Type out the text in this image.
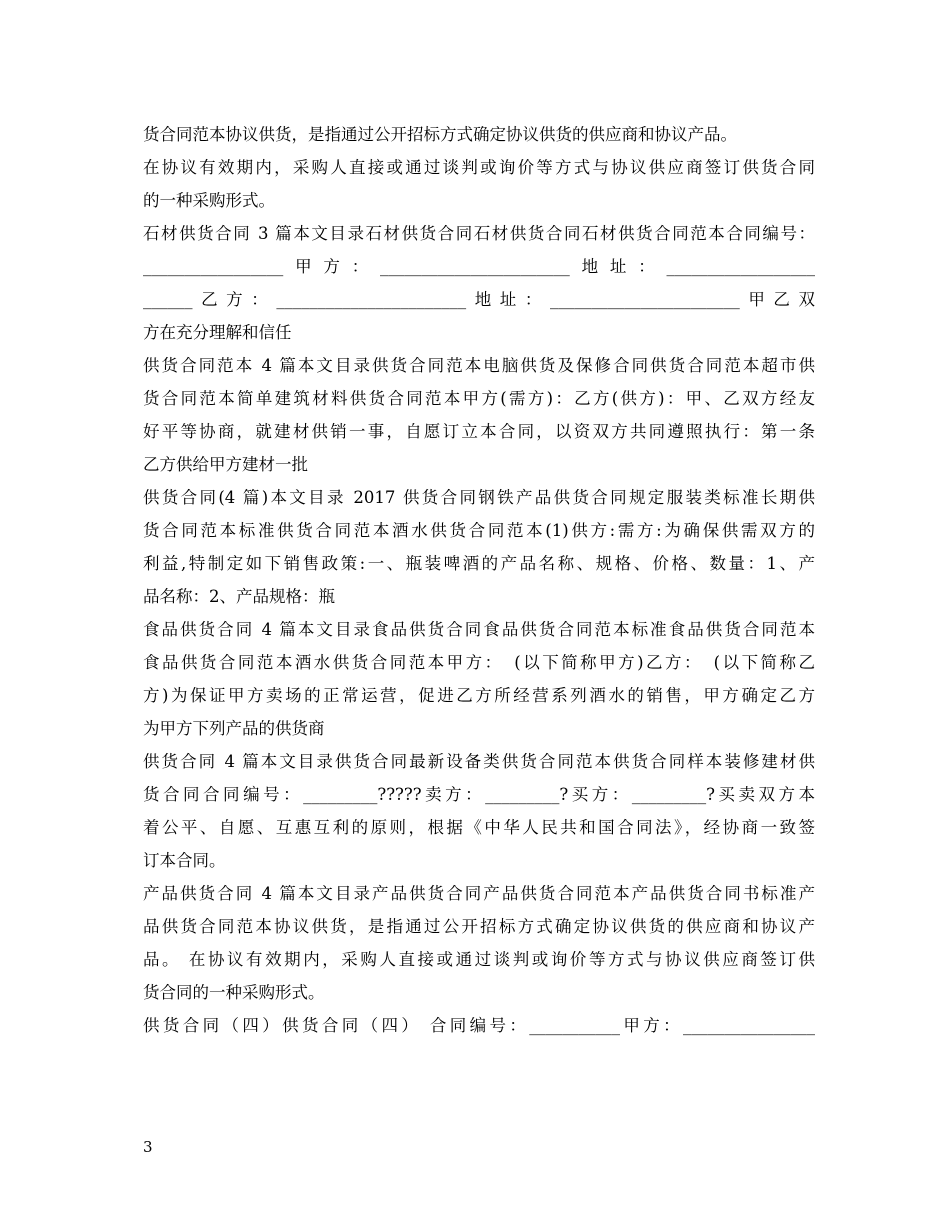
货合同范本协议供货，是指通过公开招标方式确定协议供货的供应商和协议产品。
在协议有效期内，采购人直接或通过谈判或询价等方式与协议供应商签订供货合同
的一种采购形式。
石材供货合同 3 篇本文目录石材供货合同石材供货合同石材供货合同范本合同编号：
_________________甲方：_______________________地址：__________________
______乙方：_______________________地址：_______________________甲乙双
方在充分理解和信任
供货合同范本 4 篇本文目录供货合同范本电脑供货及保修合同供货合同范本超市供
货合同范本简单建筑材料供货合同范本甲方(需方)：乙方(供方)：甲、乙双方经友
好平等协商，就建材供销一事，自愿订立本合同，以资双方共同遵照执行：第一条
乙方供给甲方建材一批
供货合同(4 篇)本文目录 2017 供货合同钢铁产品供货合同规定服装类标准长期供
货合同范本标准供货合同范本酒水供货合同范本(1)供方:需方:为确保供需双方的
利益,特制定如下销售政策:一、瓶装啤酒的产品名称、规格、价格、数量：1、产
品名称：2、产品规格：瓶
食品供货合同 4 篇本文目录食品供货合同食品供货合同范本标准食品供货合同范本
食品供货合同范本酒水供货合同范本甲方：　(以下简称甲方)乙方：　(以下简称乙
方)为保证甲方卖场的正常运营，促进乙方所经营系列酒水的销售，甲方确定乙方
为甲方下列产品的供货商
供货合同 4 篇本文目录供货合同最新设备类供货合同范本供货合同样本装修建材供
货合同合同编号：_________?????卖方：_________?买方：_________?买卖双方本
着公平、自愿、互惠互利的原则，根据《中华人民共和国合同法》，经协商一致签
订本合同。
产品供货合同 4 篇本文目录产品供货合同产品供货合同范本产品供货合同书标准产
品供货合同范本协议供货，是指通过公开招标方式确定协议供货的供应商和协议产
品。 在协议有效期内，采购人直接或通过谈判或询价等方式与协议供应商签订供
货合同的一种采购形式。
供货合同（四）供货合同（四） 合同编号：___________甲方：________________
3
